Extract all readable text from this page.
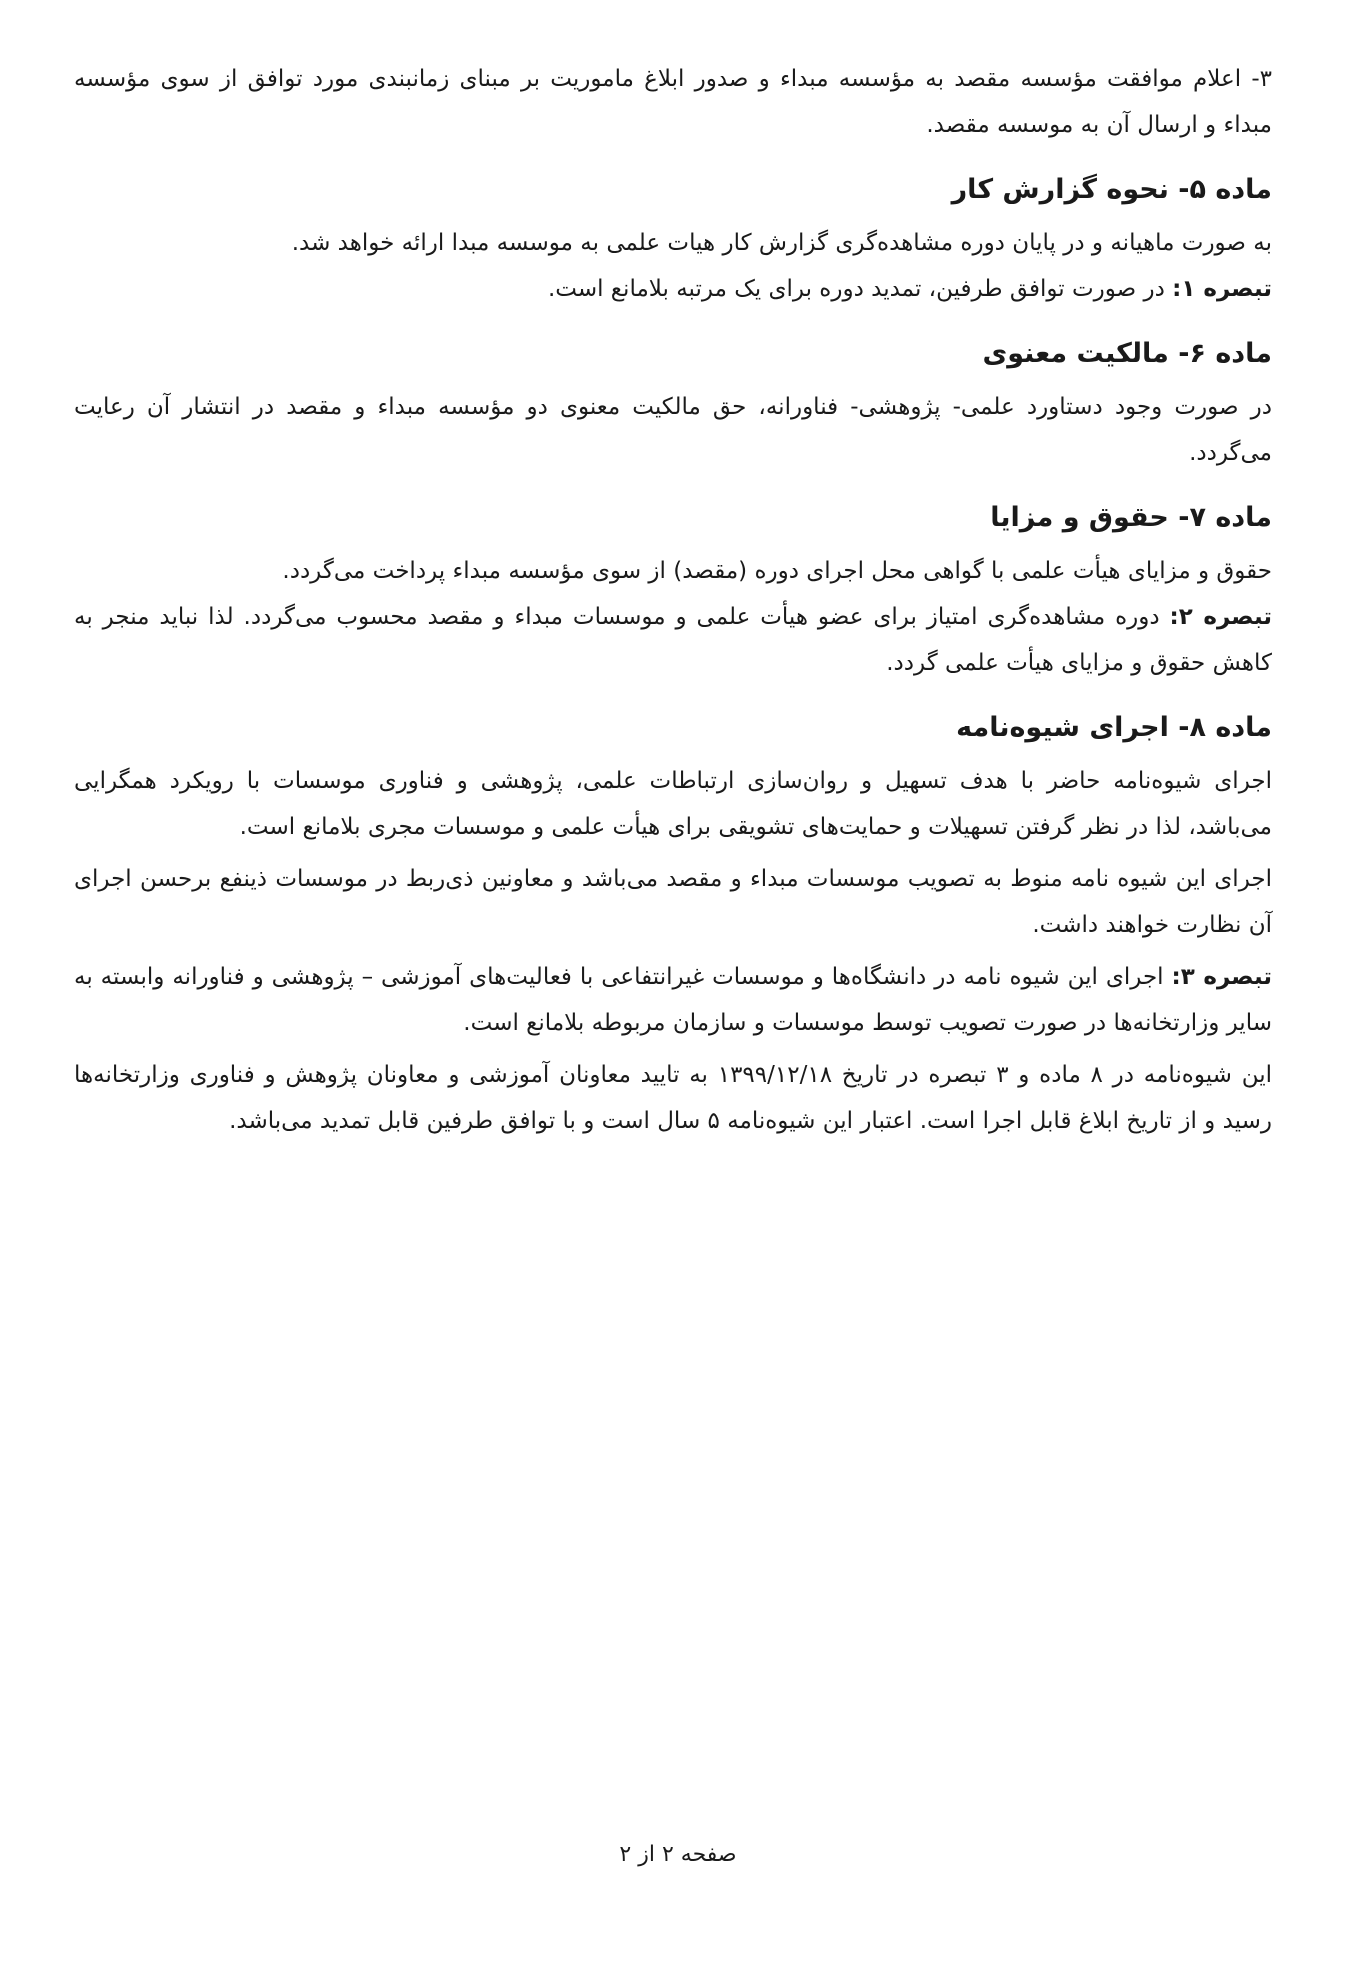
۳- اعلام موافقت مؤسسه مقصد به مؤسسه مبداء و صدور ابلاغ ماموریت بر مبنای زمانبندی مورد توافق از سوی مؤسسه مبداء و ارسال آن به موسسه مقصد.

ماده ۵- نحوه گزارش کار

به صورت ماهیانه و در پایان دوره مشاهده‌گری گزارش کار هیات علمی به موسسه مبدا ارائه خواهد شد.

تبصره ۱: در صورت توافق طرفین، تمدید دوره برای یک مرتبه بلامانع است.

ماده ۶- مالکیت معنوی

در صورت وجود دستاورد علمی- پژوهشی- فناورانه، حق مالکیت معنوی دو مؤسسه مبداء و مقصد در انتشار آن رعایت می‌گردد.

ماده ۷- حقوق و مزایا

حقوق و مزایای هیأت علمی با گواهی محل اجرای دوره (مقصد) از سوی مؤسسه مبداء پرداخت می‌گردد.

تبصره ۲: دوره مشاهده‌گری امتیاز برای عضو هیأت علمی و موسسات مبداء و مقصد محسوب می‌گردد. لذا نباید منجر به کاهش حقوق و مزایای هیأت علمی گردد.

ماده ۸- اجرای شیوه‌نامه

اجرای شیوه‌نامه حاضر با هدف تسهیل و روان‌سازی ارتباطات علمی، پژوهشی و فناوری موسسات با رویکرد همگرایی می‌باشد، لذا در نظر گرفتن تسهیلات و حمایت‌های تشویقی برای هیأت علمی و موسسات مجری بلامانع است.

اجرای این شیوه نامه منوط به تصویب موسسات مبداء و مقصد می‌باشد و معاونین ذی‌ربط در موسسات ذینفع برحسن اجرای آن نظارت خواهند داشت.

تبصره ۳: اجرای این شیوه نامه در دانشگاه‌ها و موسسات غیرانتفاعی با فعالیت‌های آموزشی – پژوهشی و فناورانه وابسته به سایر وزارتخانه‌ها در صورت تصویب توسط موسسات و سازمان مربوطه بلامانع است.

این شیوه‌نامه در ۸ ماده و ۳ تبصره در تاریخ ۱۳۹۹/۱۲/۱۸ به تایید معاونان آموزشی و معاونان پژوهش و فناوری وزارتخانه‌ها رسید و از تاریخ ابلاغ قابل اجرا است. اعتبار این شیوه‌نامه ۵ سال است و با توافق طرفین قابل تمدید می‌باشد.

صفحه ۲ از ۲
